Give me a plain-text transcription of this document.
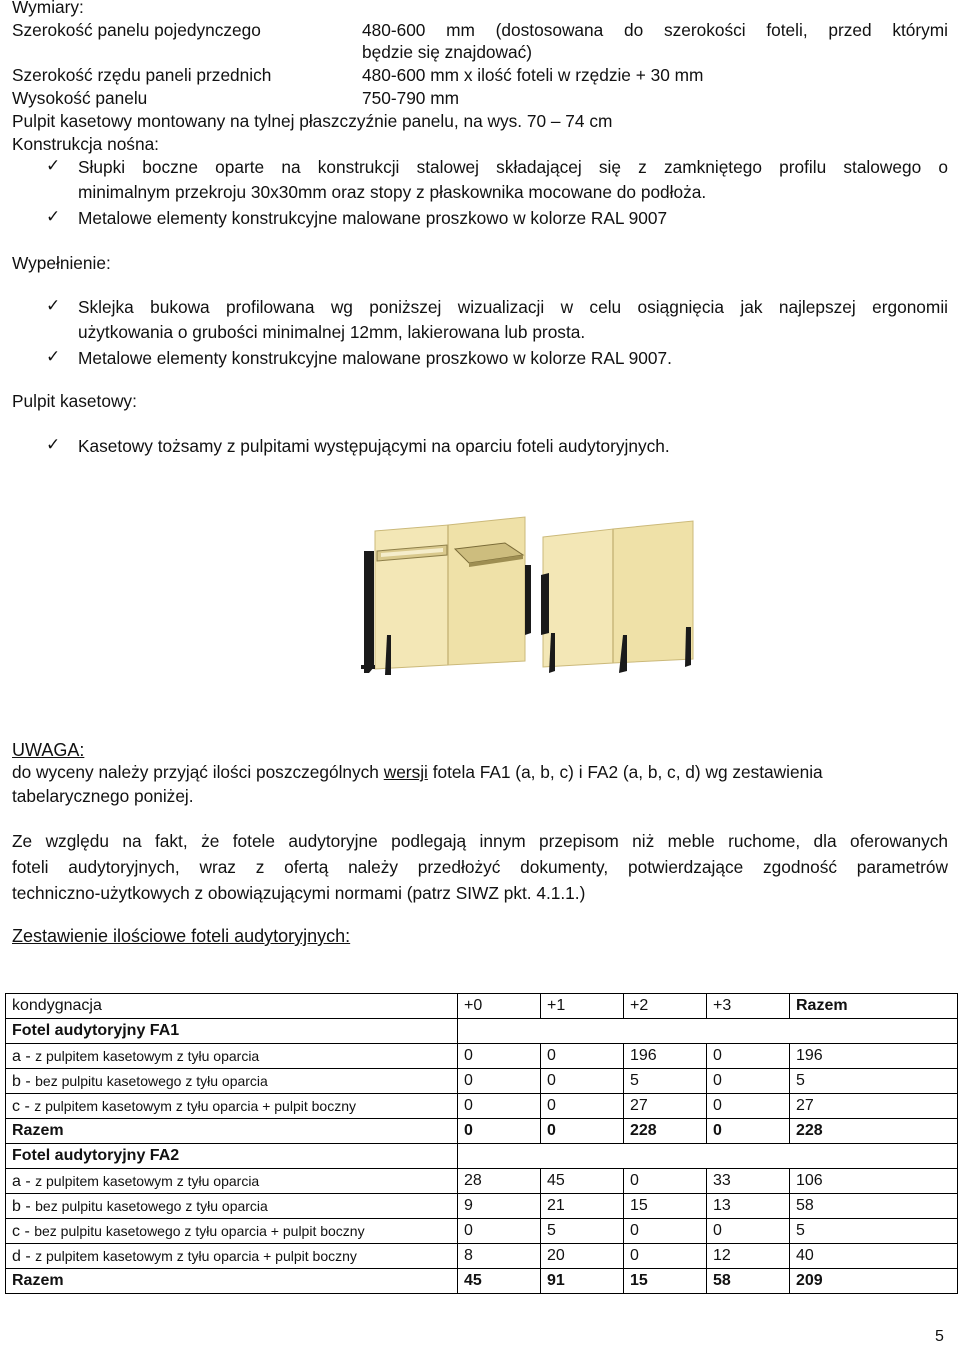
Wymiary:
Szerokość panelu pojedynczego	480-600 mm (dostosowana do szerokości foteli, przed którymi
będzie się znajdować)
Szerokość rzędu paneli przednich	480-600 mm x ilość foteli w rzędzie + 30 mm
Wysokość panelu	750-790 mm
Pulpit kasetowy montowany na tylnej płaszczyźnie panelu, na wys. 70 – 74 cm
Konstrukcja nośna:
✓ Słupki boczne oparte na konstrukcji stalowej składającej się z zamkniętego profilu stalowego o
minimalnym przekroju 30x30mm oraz stopy z płaskownika mocowane do podłoża.
✓ Metalowe elementy konstrukcyjne malowane proszkowo w kolorze RAL 9007
Wypełnienie:
✓ Sklejka bukowa profilowana wg poniższej wizualizacji w celu osiągnięcia jak najlepszej ergonomii
użytkowania o grubości minimalnej 12mm, lakierowana lub prosta.
✓ Metalowe elementy konstrukcyjne malowane proszkowo w kolorze RAL 9007.
Pulpit kasetowy:
✓ Kasetowy tożsamy z pulpitami występującymi na oparciu foteli audytoryjnych.
UWAGA:
do wyceny należy przyjąć ilości poszczególnych wersji fotela FA1 (a, b, c) i FA2 (a, b, c, d) wg zestawienia
tabelarycznego poniżej.
Ze względu na fakt, że fotele audytoryjne podlegają innym przepisom niż meble ruchome, dla oferowanych
foteli audytoryjnych, wraz z ofertą należy przedłożyć dokumenty, potwierdzające zgodność parametrów
techniczno-użytkowych z obowiązującymi normami (patrz SIWZ pkt. 4.1.1.)
Zestawienie ilościowe foteli audytoryjnych:
kondygnacja	+0	+1	+2	+3	Razem
Fotel audytoryjny FA1					
a - z pulpitem kasetowym z tyłu oparcia	0	0	196	0	196
b - bez pulpitu kasetowego z tyłu oparcia	0	0	5	0	5
c - z pulpitem kasetowym z tyłu oparcia + pulpit boczny	0	0	27	0	27
Razem	0	0	228	0	228
Fotel audytoryjny FA2					
a - z pulpitem kasetowym z tyłu oparcia	28	45	0	33	106
b - bez pulpitu kasetowego z tyłu oparcia	9	21	15	13	58
c - bez pulpitu kasetowego z tyłu oparcia + pulpit boczny	0	5	0	0	5
d - z pulpitem kasetowym z tyłu oparcia + pulpit boczny	8	20	0	12	40
Razem	45	91	15	58	209
5
